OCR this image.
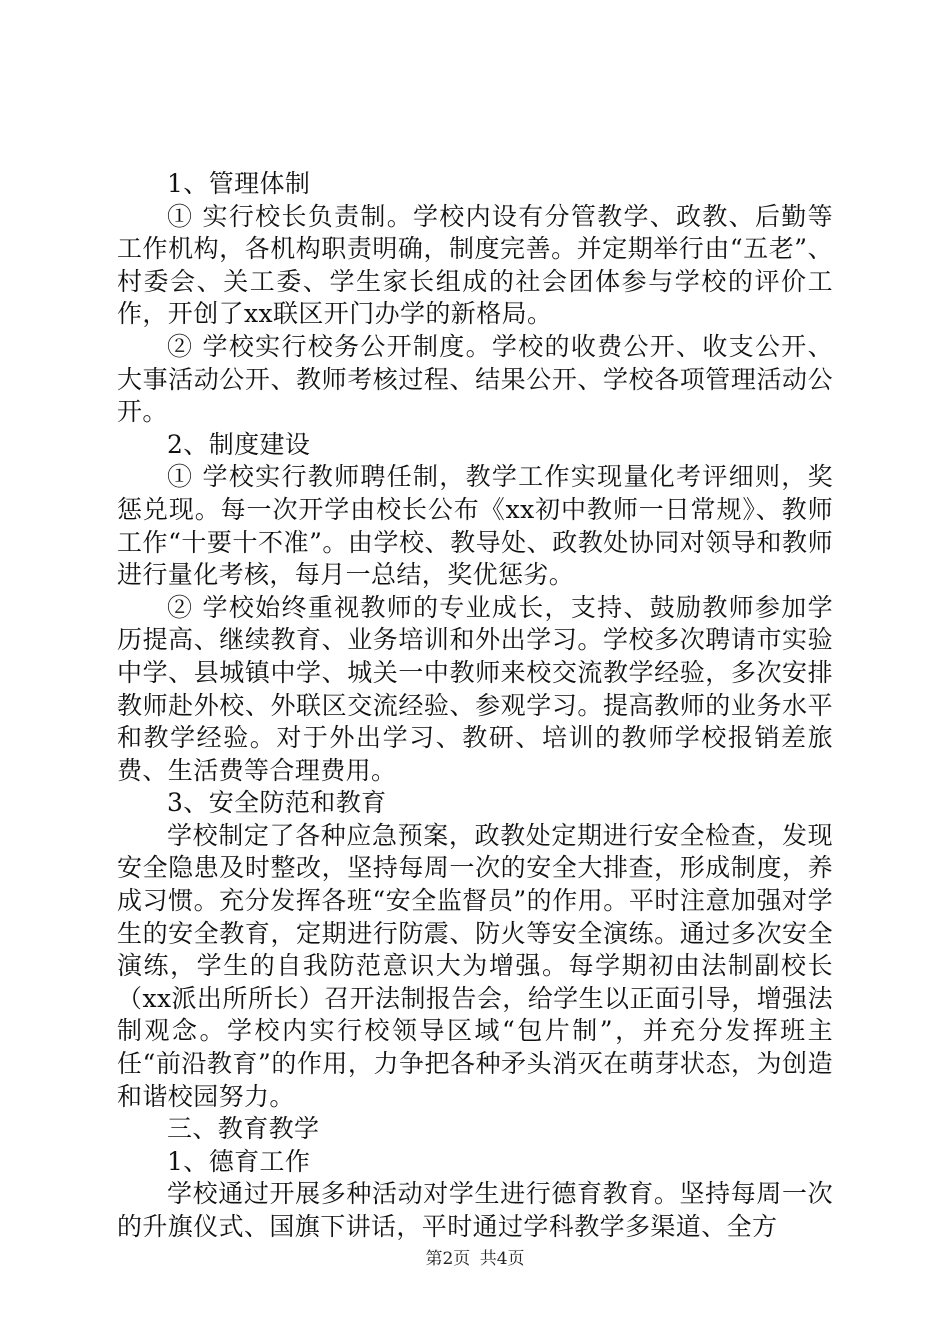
1、管理体制

① 实行校长负责制。学校内设有分管教学、政教、后勤等工作机构，各机构职责明确，制度完善。并定期举行由“五老”、村委会、关工委、学生家长组成的社会团体参与学校的评价工作，开创了xx联区开门办学的新格局。

② 学校实行校务公开制度。学校的收费公开、收支公开、大事活动公开、教师考核过程、结果公开、学校各项管理活动公开。

2、制度建设

① 学校实行教师聘任制，教学工作实现量化考评细则，奖惩兑现。每一次开学由校长公布《xx初中教师一日常规》、教师工作“十要十不准”。由学校、教导处、政教处协同对领导和教师进行量化考核，每月一总结，奖优惩劣。

② 学校始终重视教师的专业成长，支持、鼓励教师参加学历提高、继续教育、业务培训和外出学习。学校多次聘请市实验中学、县城镇中学、城关一中教师来校交流教学经验，多次安排教师赴外校、外联区交流经验、参观学习。提高教师的业务水平和教学经验。对于外出学习、教研、培训的教师学校报销差旅费、生活费等合理费用。

3、安全防范和教育

学校制定了各种应急预案，政教处定期进行安全检查，发现安全隐患及时整改，坚持每周一次的安全大排查，形成制度，养成习惯。充分发挥各班“安全监督员”的作用。平时注意加强对学生的安全教育，定期进行防震、防火等安全演练。通过多次安全演练，学生的自我防范意识大为增强。每学期初由法制副校长（xx派出所所长）召开法制报告会，给学生以正面引导，增强法制观念。学校内实行校领导区域“包片制”，并充分发挥班主任“前沿教育”的作用，力争把各种矛头消灭在萌芽状态，为创造和谐校园努力。

三、教育教学

1、德育工作

学校通过开展多种活动对学生进行德育教育。坚持每周一次的升旗仪式、国旗下讲话，平时通过学科教学多渠道、全方

第2页 共4页
